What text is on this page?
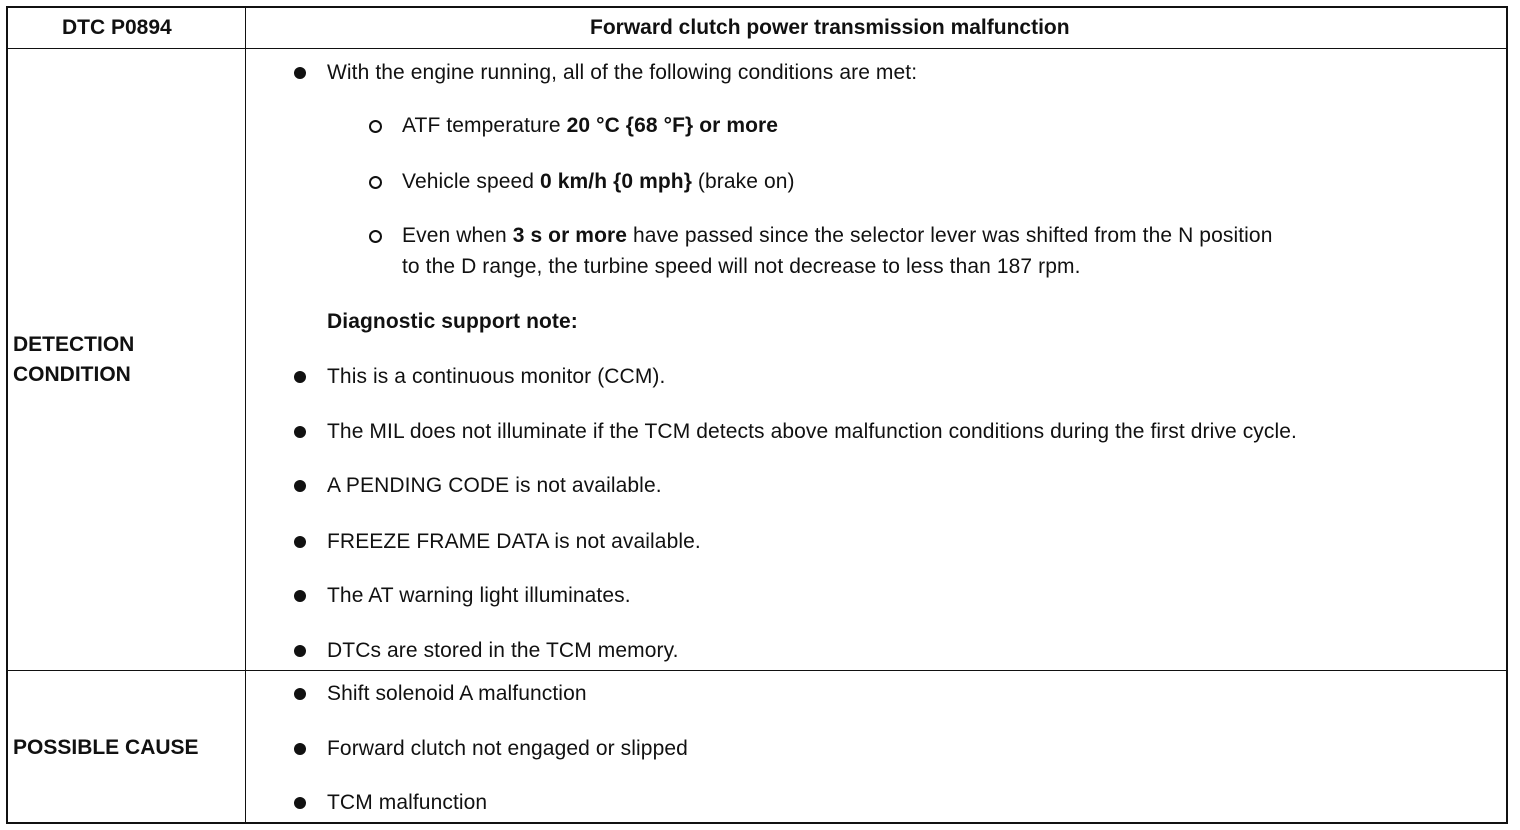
DTC P0894	Forward clutch power transmission malfunction
DETECTION
CONDITION
With the engine running, all of the following conditions are met:
ATF temperature 20 °C {68 °F} or more
Vehicle speed 0 km/h {0 mph} (brake on)
Even when 3 s or more have passed since the selector lever was shifted from the N position
to the D range, the turbine speed will not decrease to less than 187 rpm.
Diagnostic support note:
This is a continuous monitor (CCM).
The MIL does not illuminate if the TCM detects above malfunction conditions during the first drive cycle.
A PENDING CODE is not available.
FREEZE FRAME DATA is not available.
The AT warning light illuminates.
DTCs are stored in the TCM memory.
POSSIBLE CAUSE
Shift solenoid A malfunction
Forward clutch not engaged or slipped
TCM malfunction
